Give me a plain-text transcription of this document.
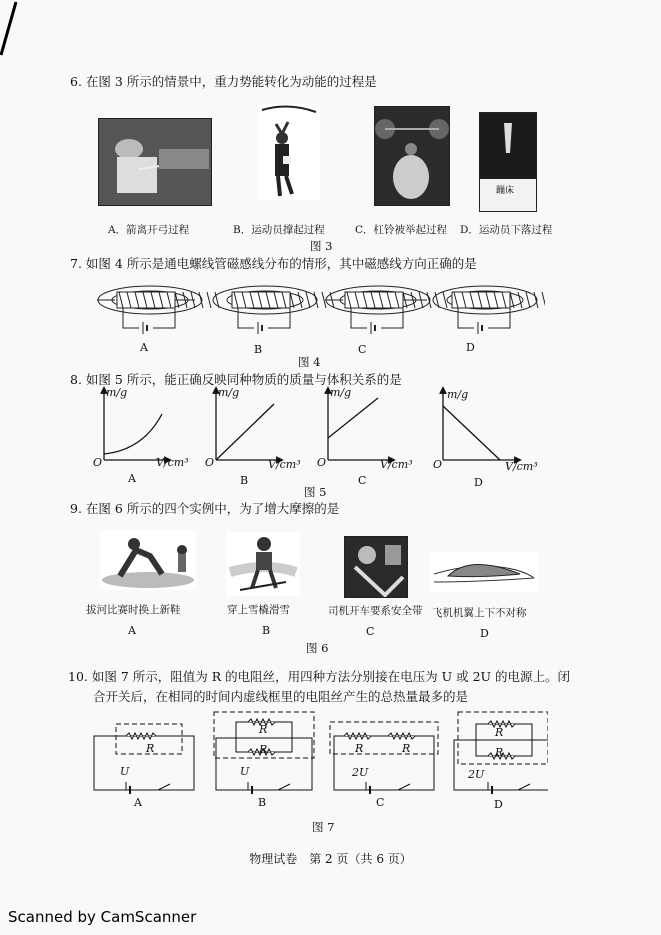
6. 在图 3 所示的情景中，重力势能转化为动能的过程是
蹦床
A．箭离开弓过程	B．运动员撑起过程	C．杠铃被举起过程 D．运动员下落过程
图 3
7. 如图 4 所示是通电螺线管磁感线分布的情形，其中磁感线方向正确的是
A	B	C	D
图 4
8. 如图 5 所示，能正确反映同种物质的质量与体积关系的是
m/g	m/g	m/g	m/g
O	O	O	O
V/cm³	V/cm³	V/cm³	V/cm³
A	B	C	D
图 5
9. 在图 6 所示的四个实例中，为了增大摩擦的是
拔河比赛时换上新鞋	穿上雪橇滑雪	司机开车要系安全带 飞机机翼上下不对称
A	B	C	D
图 6
10. 如图 7 所示，阻值为 R 的电阻丝，用四种方法分别接在电压为 U 或 2U 的电源上。闭
合开关后，在相同的时间内虚线框里的电阻丝产生的总热量最多的是
R
R
R	R	R
R
R
U	U	2U	2U
A	B	C	D
图 7
物理试卷　第 2 页（共 6 页）
Scanned by CamScanner
